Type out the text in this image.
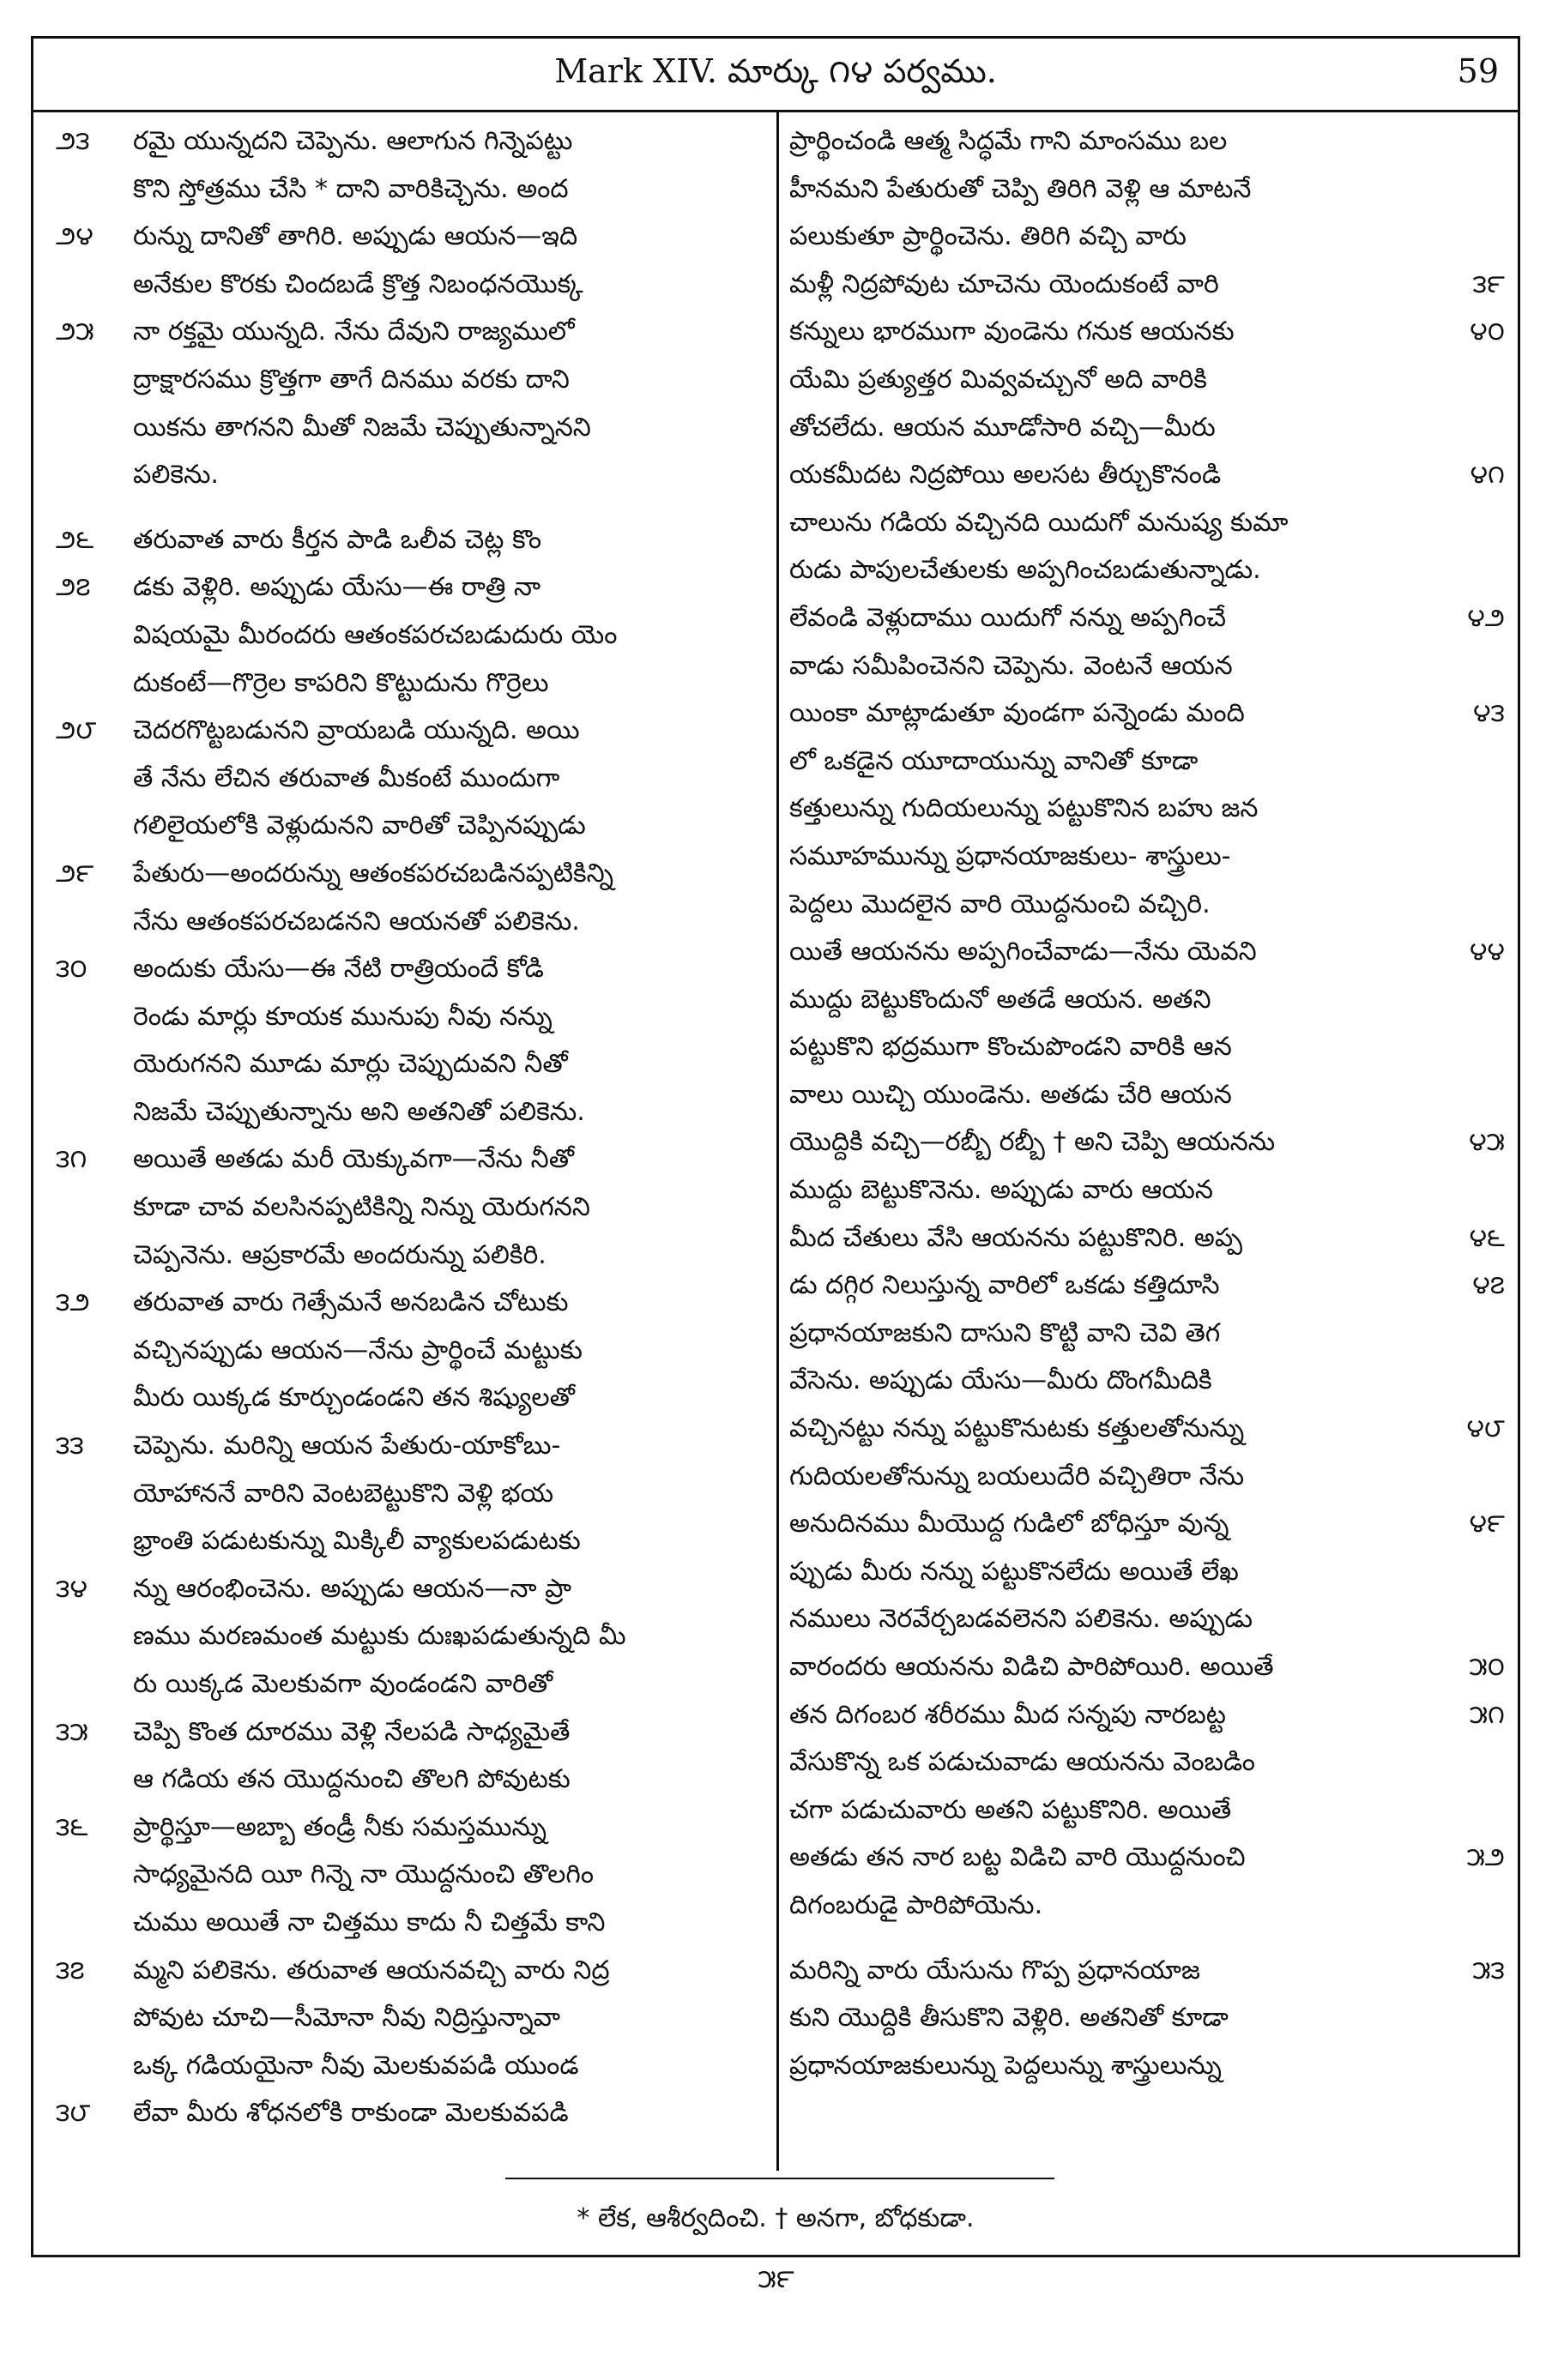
Mark XIV. మార్కు ౧౪ పర్వము.	59
౨౩ రమై యున్నదని చెప్పెను. ఆలాగున గిన్నెపట్టు
కొని స్తోత్రము చేసి * దాని వారికిచ్చెను. అంద
౨౪ రున్ను దానితో తాగిరి. అప్పుడు ఆయన—ఇది
అనేకుల కొరకు చిందబడే క్రొత్త నిబంధనయొక్క
౨౫ నా రక్తమై యున్నది. నేను దేవుని రాజ్యములో
ద్రాక్షారసము క్రొత్తగా తాగే దినము వరకు దాని
యికను తాగనని మీతో నిజమే చెప్పుతున్నానని
పలికెను.
౨౬ తరువాత వారు కీర్తన పాడి ఒలీవ చెట్ల కొం
౨౭ డకు వెళ్లిరి. అప్పుడు యేసు—ఈ రాత్రి నా
విషయమై మీరందరు ఆతంకపరచబడుదురు యెం
దుకంటే—గొర్రెల కాపరిని కొట్టుదును గొర్రెలు
౨౮ చెదరగొట్టబడునని వ్రాయబడి యున్నది. అయి
తే నేను లేచిన తరువాత మీకంటే ముందుగా
గలిలైయలోకి వెళ్లుదునని వారితో చెప్పినప్పుడు
౨౯ పేతురు—అందరున్ను ఆతంకపరచబడినప్పటికిన్ని
నేను ఆతంకపరచబడనని ఆయనతో పలికెను.
౩౦ అందుకు యేసు—ఈ నేటి రాత్రియందే కోడి
రెండు మార్లు కూయక మునుపు నీవు నన్ను
యెరుగనని మూడు మార్లు చెప్పుదువని నీతో
నిజమే చెప్పుతున్నాను అని అతనితో పలికెను.
౩౧ అయితే అతడు మరీ యెక్కువగా—నేను నీతో
కూడా చావ వలసినప్పటికిన్ని నిన్ను యెరుగనని
చెప్పనెను. ఆప్రకారమే అందరున్ను పలికిరి.
౩౨ తరువాత వారు గెత్సేమనే అనబడిన చోటుకు
వచ్చినప్పుడు ఆయన—నేను ప్రార్థించే మట్టుకు
మీరు యిక్కడ కూర్చుండండని తన శిష్యులతో
౩౩ చెప్పెను. మరిన్ని ఆయన పేతురు-యాకోబు-
యోహాననే వారిని వెంటబెట్టుకొని వెళ్లి భయ
భ్రాంతి పడుటకున్ను మిక్కిలీ వ్యాకులపడుటకు
౩౪ న్ను ఆరంభించెను. అప్పుడు ఆయన—నా ప్రా
ణము మరణమంత మట్టుకు దుఃఖపడుతున్నది మీ
రు యిక్కడ మెలకువగా వుండండని వారితో
౩౫ చెప్పి కొంత దూరము వెళ్లి నేలపడి సాధ్యమైతే
ఆ గడియ తన యొద్దనుంచి తొలగి పోవుటకు
౩౬ ప్రార్థిస్తూ—అబ్బా తండ్రీ నీకు సమస్తమున్ను
సాధ్యమైనది యీ గిన్నె నా యొద్దనుంచి తొలగిం
చుము అయితే నా చిత్తము కాదు నీ చిత్తమే కాని
౩౭ మ్మని పలికెను. తరువాత ఆయనవచ్చి వారు నిద్ర
పోవుట చూచి—సీమోనా నీవు నిద్రిస్తున్నావా
ఒక్క గడియయైనా నీవు మెలకువపడి యుండ
౩౮ లేవా మీరు శోధనలోకి రాకుండా మెలకువపడి
ప్రార్థించండి ఆత్మ సిద్ధమే గాని మాంసము బల
హీనమని పేతురుతో చెప్పి తిరిగి వెళ్లి ఆ మాటనే
పలుకుతూ ప్రార్థించెను. తిరిగి వచ్చి వారు
౩౯
మళ్లీ నిద్రపోవుట చూచెను యెందుకంటే వారి
౪౦
కన్నులు భారముగా వుండెను గనుక ఆయనకు
యేమి ప్రత్యుత్తర మివ్వవచ్చునో అది వారికి
తోచలేదు. ఆయన మూడోసారి వచ్చి—మీరు
౪౧
యకమీదట నిద్రపోయి అలసట తీర్చుకొనండి
చాలును గడియ వచ్చినది యిదుగో మనుష్య కుమా
రుడు పాపులచేతులకు అప్పగించబడుతున్నాడు.
౪౨
లేవండి వెళ్లుదాము యిదుగో నన్ను అప్పగించే
వాడు సమీపించెనని చెప్పెను. వెంటనే ఆయన
౪౩
యింకా మాట్లాడుతూ వుండగా పన్నెండు మంది
లో ఒకడైన యూదాయున్ను వానితో కూడా
కత్తులున్ను గుదియలున్ను పట్టుకొనిన బహు జన
సమూహమున్ను ప్రధానయాజకులు- శాస్త్రులు-
పెద్దలు మొదలైన వారి యొద్దనుంచి వచ్చిరి.
౪౪
యితే ఆయనను అప్పగించేవాడు—నేను యెవని
ముద్దు బెట్టుకొందునో అతడే ఆయన. అతని
పట్టుకొని భద్రముగా కొంచుపొండని వారికి ఆన
వాలు యిచ్చి యుండెను. అతడు చేరి ఆయన
౪౫
యొద్దికి వచ్చి—రబ్బీ రబ్బీ † అని చెప్పి ఆయనను
ముద్దు బెట్టుకొనెను. అప్పుడు వారు ఆయన
౪౬
మీద చేతులు వేసి ఆయనను పట్టుకొనిరి. అప్ప
౪౭
డు దగ్గిర నిలుస్తున్న వారిలో ఒకడు కత్తిదూసి
ప్రధానయాజకుని దాసుని కొట్టి వాని చెవి తెగ
వేసెను. అప్పుడు యేసు—మీరు దొంగమీదికి
౪౮
వచ్చినట్టు నన్ను పట్టుకొనుటకు కత్తులతోనున్ను
గుదియలతోనున్ను బయలుదేరి వచ్చితిరా నేను
౪౯
అనుదినము మీయొద్ద గుడిలో బోధిస్తూ వున్న
ప్పుడు మీరు నన్ను పట్టుకొనలేదు అయితే లేఖ
నములు నెరవేర్చబడవలెనని పలికెను. అప్పుడు
౫౦
వారందరు ఆయనను విడిచి పారిపోయిరి. అయితే
౫౧
తన దిగంబర శరీరము మీద సన్నపు నారబట్ట
వేసుకొన్న ఒక పడుచువాడు ఆయనను వెంబడిం
చగా పడుచువారు అతని పట్టుకొనిరి. అయితే
౫౨
అతడు తన నార బట్ట విడిచి వారి యొద్దనుంచి
దిగంబరుడై పారిపోయెను.
౫౩
మరిన్ని వారు యేసును గొప్ప ప్రధానయాజ
కుని యొద్దికి తీసుకొని వెళ్లిరి. అతనితో కూడా
ప్రధానయాజకులున్ను పెద్దలున్ను శాస్త్రులున్ను
* లేక, ఆశీర్వదించి. † అనగా, బోధకుడా.
౫౯
